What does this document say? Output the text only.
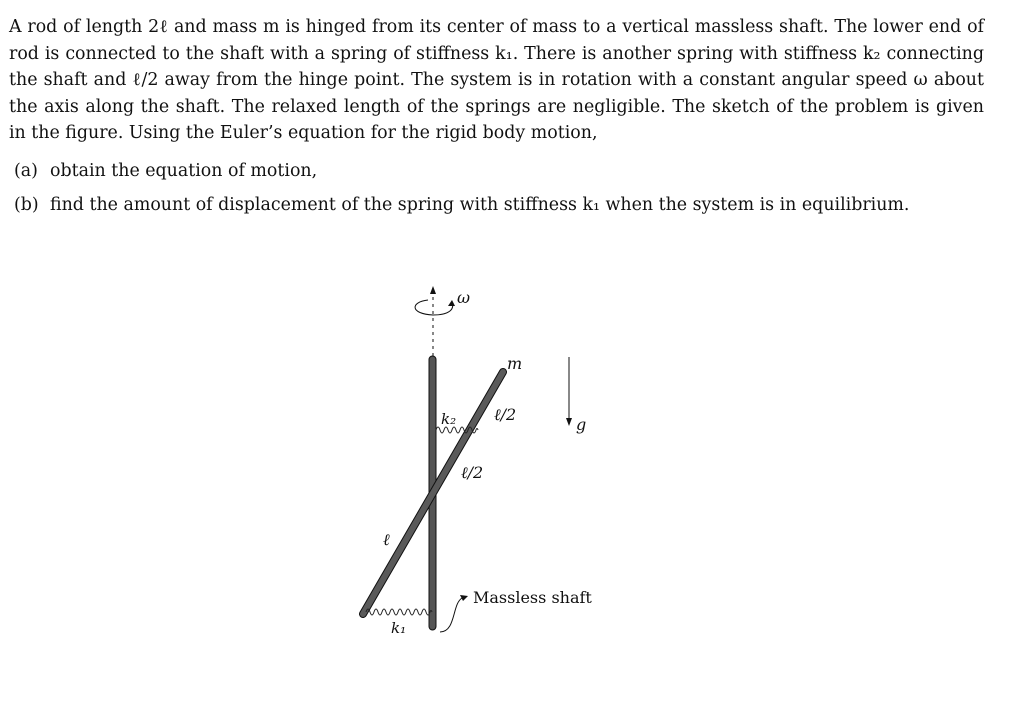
A rod of length 2ℓ and mass m is hinged from its center of mass to a vertical massless shaft. The lower end of rod is connected to the shaft with a spring of stiffness k₁. There is another spring with stiffness k₂ connecting the shaft and ℓ/2 away from the hinge point. The system is in rotation with a constant angular speed ω about the axis along the shaft. The relaxed length of the springs are negligible. The sketch of the problem is given in the figure. Using the Euler’s equation for the rigid body motion,

(a) obtain the equation of motion,
(b) find the amount of displacement of the spring with stiffness k₁ when the system is in equilibrium.
ω
m
ℓ/2
k₂	g
ℓ/2
ℓ
Massless shaft
k₁
